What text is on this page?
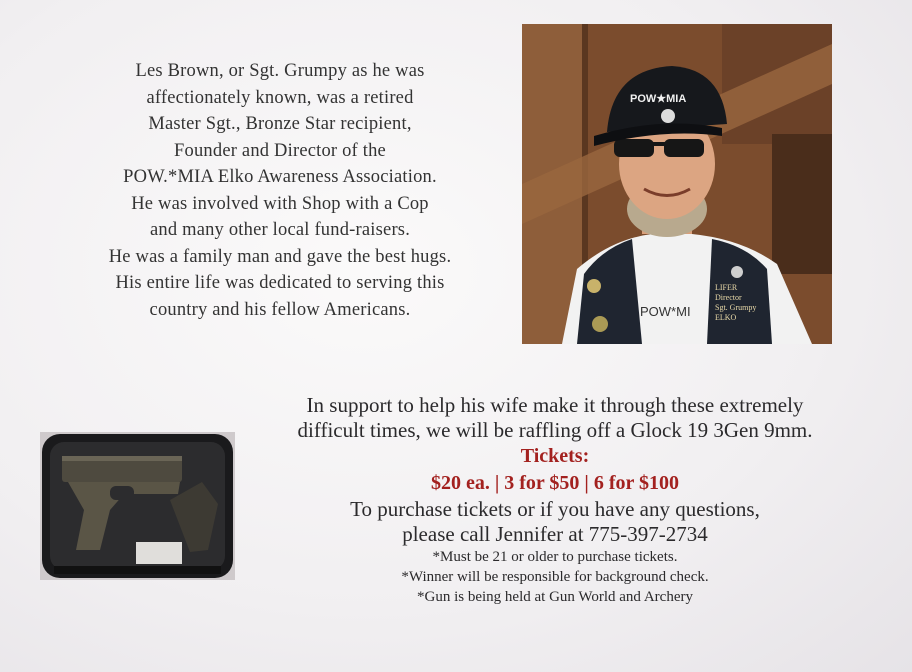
Les Brown, or Sgt. Grumpy as he was
affectionately known, was a retired
Master Sgt., Bronze Star recipient,
Founder and Director of the
POW.*MIA Elko Awareness Association.
He was involved with Shop with a Cop
and many other local fund-raisers.
He was a family man and gave the best hugs.
His entire life was dedicated to serving this
country and his fellow Americans.
POW★MIA
POW*MI
LIFER
Director
Sgt. Grumpy
ELKO
In support to help his wife make it through these extremely
difficult times, we will be raffling off a Glock 19 3Gen 9mm.
Tickets:
$20 ea. | 3 for $50 | 6 for $100
To purchase tickets or if you have any questions,
please call Jennifer at 775-397-2734
*Must be 21 or older to purchase tickets.
*Winner will be responsible for background check.
*Gun is being held at Gun World and Archery
